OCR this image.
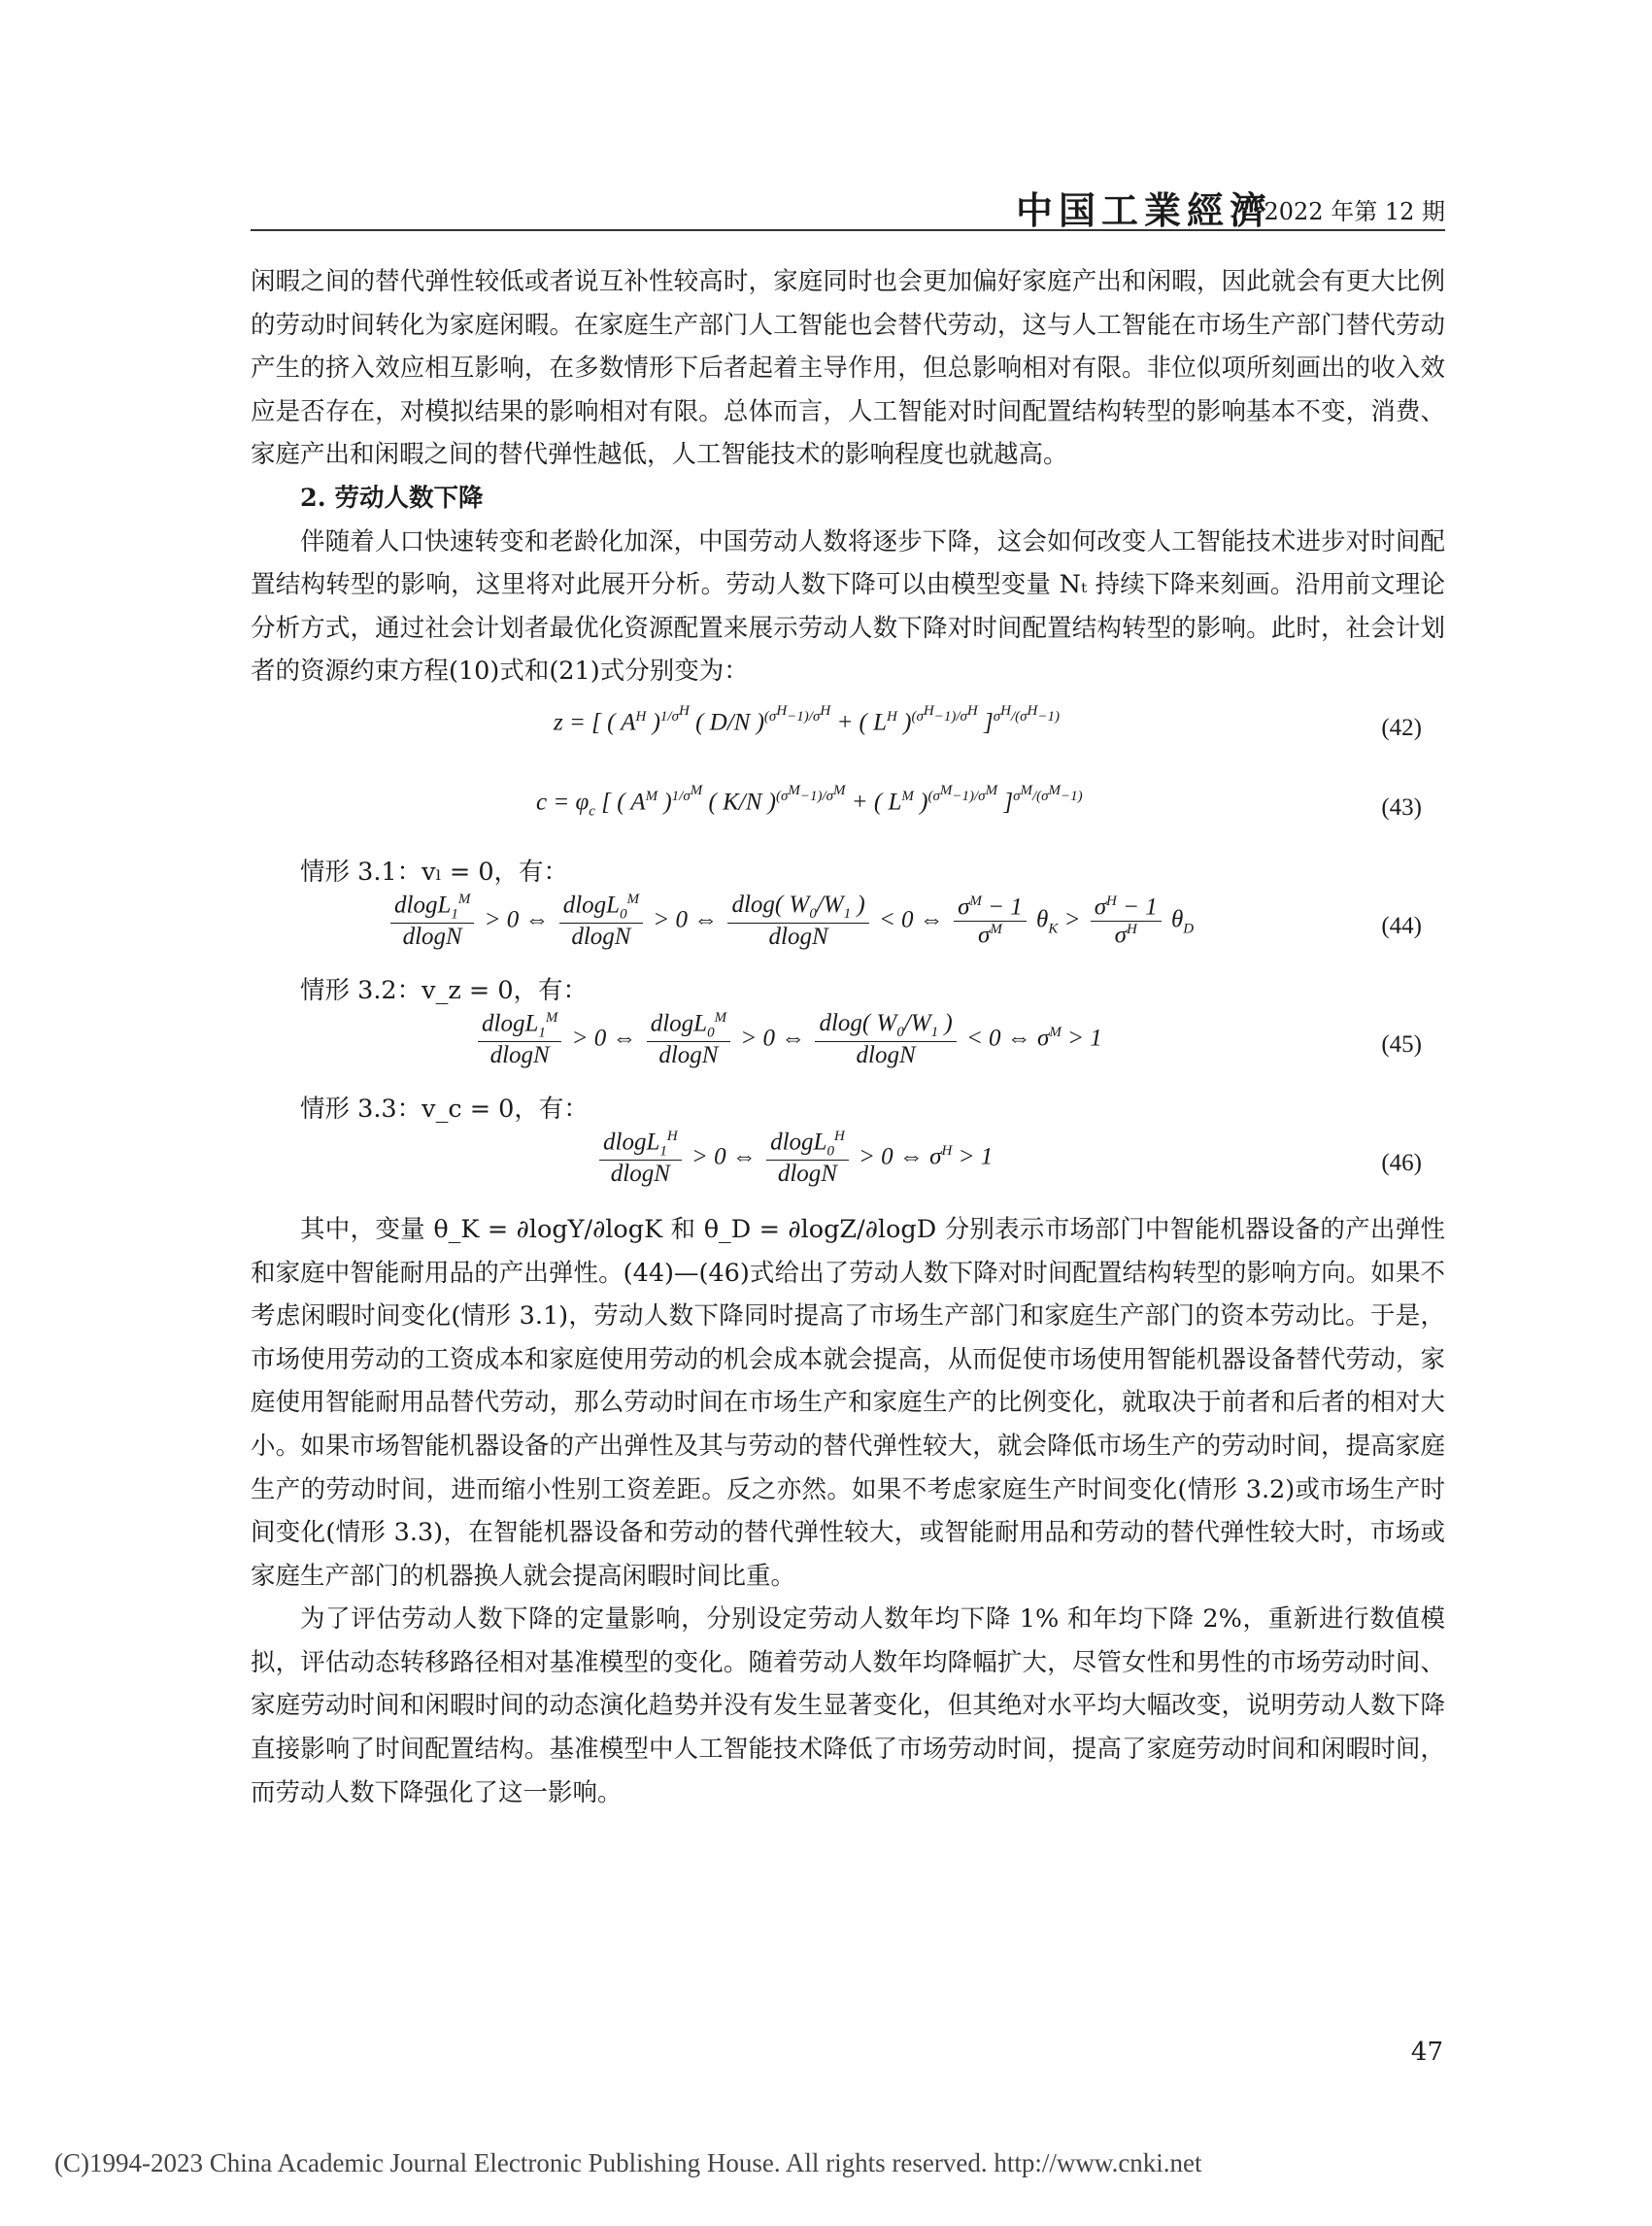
中国工業經濟
2022 年第 12 期

闲暇之间的替代弹性较低或者说互补性较高时，家庭同时也会更加偏好家庭产出和闲暇，因此就会有更大比例的劳动时间转化为家庭闲暇。在家庭生产部门人工智能也会替代劳动，这与人工智能在市场生产部门替代劳动产生的挤入效应相互影响，在多数情形下后者起着主导作用，但总影响相对有限。非位似项所刻画出的收入效应是否存在，对模拟结果的影响相对有限。总体而言，人工智能对时间配置结构转型的影响基本不变，消费、家庭产出和闲暇之间的替代弹性越低，人工智能技术的影响程度也就越高。

2. 劳动人数下降

伴随着人口快速转变和老龄化加深，中国劳动人数将逐步下降，这会如何改变人工智能技术进步对时间配置结构转型的影响，这里将对此展开分析。劳动人数下降可以由模型变量 Nₜ 持续下降来刻画。沿用前文理论分析方式，通过社会计划者最优化资源配置来展示劳动人数下降对时间配置结构转型的影响。此时，社会计划者的资源约束方程(10)式和(21)式分别变为：

z = [ ( $A^H$ )$^{1/\sigma^H}$ ( D/N )$^{(\sigma^H-1)/\sigma^H}$ + ( $L^H$ )$^{(\sigma^H-1)/\sigma^H}$ ]$^{\sigma^H/(\sigma^H-1)}$	(42)
$c = \varphi_c$ [ ( $A^M$ )$^{1/\sigma^M}$ ( K/N )$^{(\sigma^M-1)/\sigma^M}$ + ( $L^M$ )$^{(\sigma^M-1)/\sigma^M}$ ]$^{\sigma^M/(\sigma^M-1)}$	(43)

情形 3.1：vₗ = 0，有：

$\frac{dlogL_1^M}{dlogN} > 0$ ⇔ $\frac{dlogL_0^M}{dlogN} > 0$ ⇔ $\frac{dlog( W_0/W_1 )}{dlogN} < 0$ ⇔ $\frac{\sigma^M - 1}{\sigma^M} \theta_K > \frac{\sigma^H - 1}{\sigma^H} \theta_D$	(44)

情形 3.2：v_z = 0，有：

$\frac{dlogL_1^M}{dlogN} > 0$ ⇔ $\frac{dlogL_0^M}{dlogN} > 0$ ⇔ $\frac{dlog( W_0/W_1 )}{dlogN} < 0$ ⇔ $\sigma^M > 1$	(45)

情形 3.3：v_c = 0，有：

$\frac{dlogL_1^H}{dlogN} > 0$ ⇔ $\frac{dlogL_0^H}{dlogN} > 0$ ⇔ $\sigma^H > 1$	(46)

其中，变量 θ_K = ∂logY/∂logK 和 θ_D = ∂logZ/∂logD 分别表示市场部门中智能机器设备的产出弹性和家庭中智能耐用品的产出弹性。(44)—(46)式给出了劳动人数下降对时间配置结构转型的影响方向。如果不考虑闲暇时间变化(情形 3.1)，劳动人数下降同时提高了市场生产部门和家庭生产部门的资本劳动比。于是，市场使用劳动的工资成本和家庭使用劳动的机会成本就会提高，从而促使市场使用智能机器设备替代劳动，家庭使用智能耐用品替代劳动，那么劳动时间在市场生产和家庭生产的比例变化，就取决于前者和后者的相对大小。如果市场智能机器设备的产出弹性及其与劳动的替代弹性较大，就会降低市场生产的劳动时间，提高家庭生产的劳动时间，进而缩小性别工资差距。反之亦然。如果不考虑家庭生产时间变化(情形 3.2)或市场生产时间变化(情形 3.3)，在智能机器设备和劳动的替代弹性较大，或智能耐用品和劳动的替代弹性较大时，市场或家庭生产部门的机器换人就会提高闲暇时间比重。

为了评估劳动人数下降的定量影响，分别设定劳动人数年均下降 1% 和年均下降 2%，重新进行数值模拟，评估动态转移路径相对基准模型的变化。随着劳动人数年均降幅扩大，尽管女性和男性的市场劳动时间、家庭劳动时间和闲暇时间的动态演化趋势并没有发生显著变化，但其绝对水平均大幅改变，说明劳动人数下降直接影响了时间配置结构。基准模型中人工智能技术降低了市场劳动时间，提高了家庭劳动时间和闲暇时间，而劳动人数下降强化了这一影响。

47
(C)1994-2023 China Academic Journal Electronic Publishing House. All rights reserved. http://www.cnki.net
